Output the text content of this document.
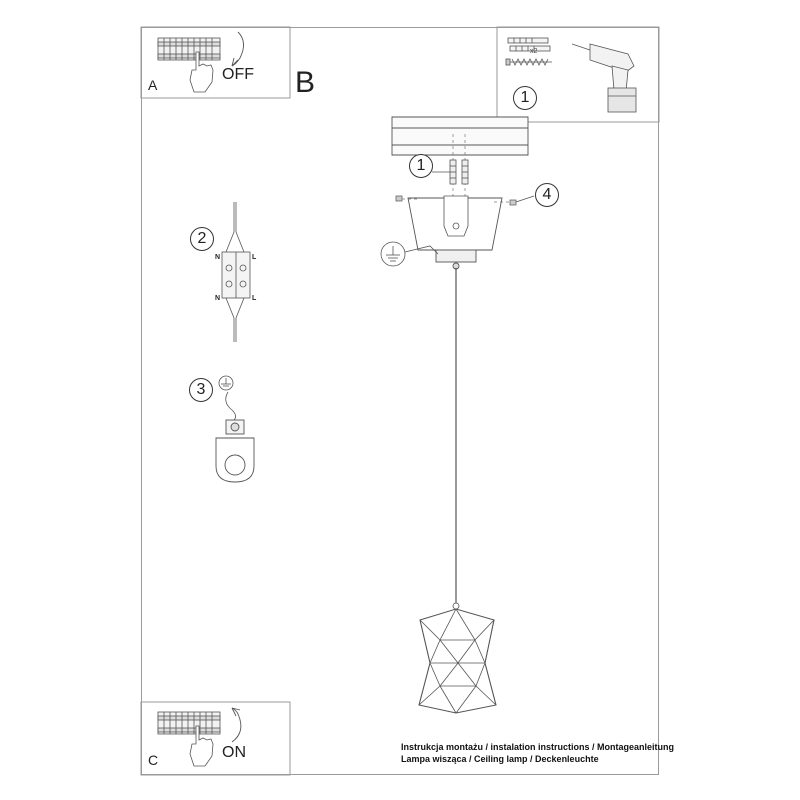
A
OFF B
C	ON
x2
1
1
4
2
3
N	L
N	L
Instrukcja montażu / instalation instructions / Montageanleitung
Lampa wisząca / Ceiling lamp / Deckenleuchte
